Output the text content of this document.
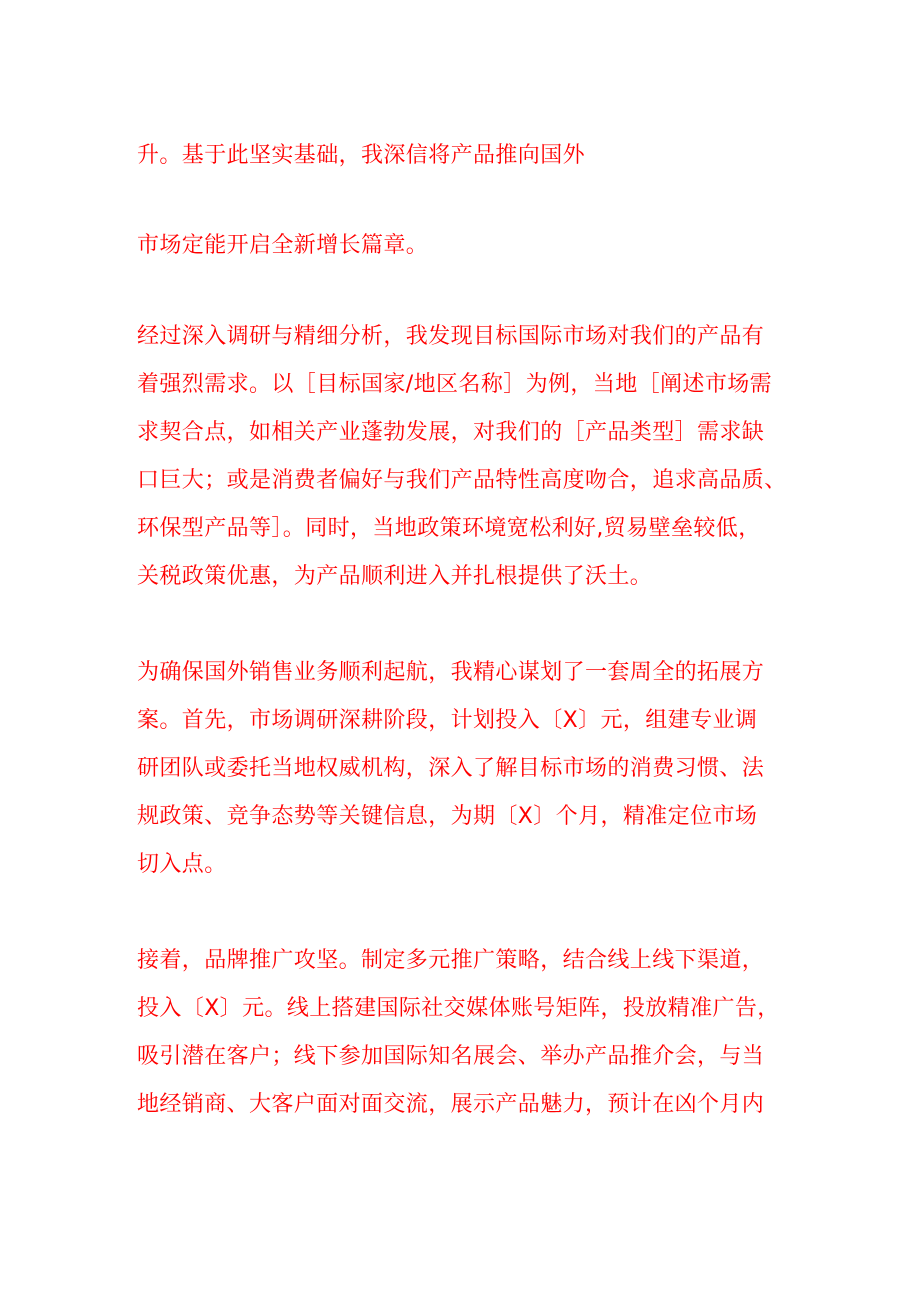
升。基于此坚实基础，我深信将产品推向国外

市场定能开启全新增长篇章。

经过深入调研与精细分析，我发现目标国际市场对我们的产品有

着强烈需求。以［目标国家/地区名称］为例，当地［阐述市场需

求契合点，如相关产业蓬勃发展，对我们的［产品类型］需求缺

口巨大；或是消费者偏好与我们产品特性高度吻合，追求高品质、

环保型产品等］。同时，当地政策环境宽松利好,贸易壁垒较低，

关税政策优惠，为产品顺利进入并扎根提供了沃土。

为确保国外销售业务顺利起航，我精心谋划了一套周全的拓展方

案。首先，市场调研深耕阶段，计划投入〔X〕元，组建专业调

研团队或委托当地权威机构，深入了解目标市场的消费习惯、法

规政策、竞争态势等关键信息，为期〔X〕个月，精准定位市场

切入点。

接着，品牌推广攻坚。制定多元推广策略，结合线上线下渠道，

投入〔X〕元。线上搭建国际社交媒体账号矩阵，投放精准广告，

吸引潜在客户；线下参加国际知名展会、举办产品推介会，与当

地经销商、大客户面对面交流，展示产品魅力，预计在凶个月内
